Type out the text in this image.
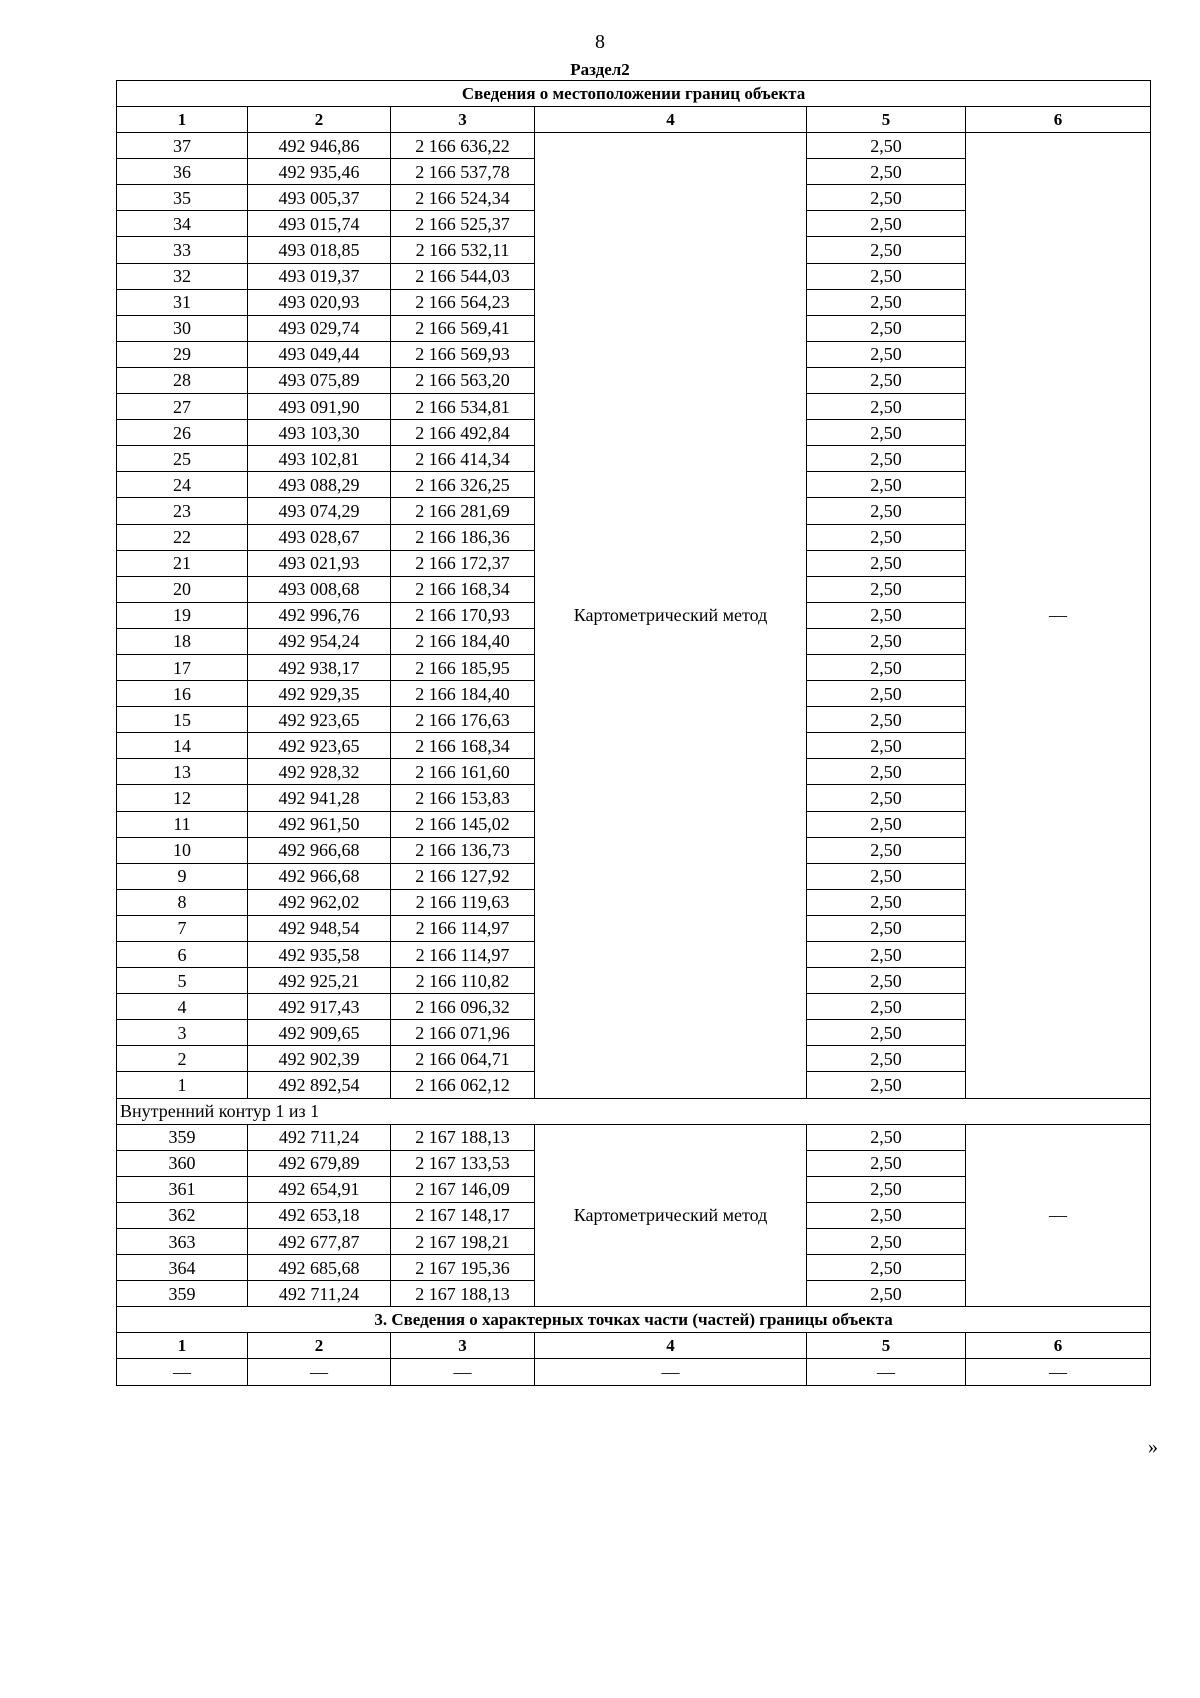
8
Раздел2
Сведения о местоположении границ объекта					
1	2	3	4	5	6
37	492 946,86	2 166 636,22	Картометрический метод	2,50	—
36	492 935,46	2 166 537,78		2,50	
35	493 005,37	2 166 524,34		2,50	
34	493 015,74	2 166 525,37		2,50	
33	493 018,85	2 166 532,11		2,50	
32	493 019,37	2 166 544,03		2,50	
31	493 020,93	2 166 564,23		2,50	
30	493 029,74	2 166 569,41		2,50	
29	493 049,44	2 166 569,93		2,50	
28	493 075,89	2 166 563,20		2,50	
27	493 091,90	2 166 534,81		2,50	
26	493 103,30	2 166 492,84		2,50	
25	493 102,81	2 166 414,34		2,50	
24	493 088,29	2 166 326,25		2,50	
23	493 074,29	2 166 281,69		2,50	
22	493 028,67	2 166 186,36		2,50	
21	493 021,93	2 166 172,37		2,50	
20	493 008,68	2 166 168,34		2,50	
19	492 996,76	2 166 170,93		2,50	
18	492 954,24	2 166 184,40		2,50	
17	492 938,17	2 166 185,95		2,50	
16	492 929,35	2 166 184,40		2,50	
15	492 923,65	2 166 176,63		2,50	
14	492 923,65	2 166 168,34		2,50	
13	492 928,32	2 166 161,60		2,50	
12	492 941,28	2 166 153,83		2,50	
11	492 961,50	2 166 145,02		2,50	
10	492 966,68	2 166 136,73		2,50	
9	492 966,68	2 166 127,92		2,50	
8	492 962,02	2 166 119,63		2,50	
7	492 948,54	2 166 114,97		2,50	
6	492 935,58	2 166 114,97		2,50	
5	492 925,21	2 166 110,82		2,50	
4	492 917,43	2 166 096,32		2,50	
3	492 909,65	2 166 071,96		2,50	
2	492 902,39	2 166 064,71		2,50	
1	492 892,54	2 166 062,12		2,50	
Внутренний контур 1 из 1					
359	492 711,24	2 167 188,13	Картометрический метод	2,50	—
360	492 679,89	2 167 133,53		2,50	
361	492 654,91	2 167 146,09		2,50	
362	492 653,18	2 167 148,17		2,50	
363	492 677,87	2 167 198,21		2,50	
364	492 685,68	2 167 195,36		2,50	
359	492 711,24	2 167 188,13		2,50	
3. Сведения о характерных точках части (частей) границы объекта					
1	2	3	4	5	6
—	—	—	—	—	—
»
